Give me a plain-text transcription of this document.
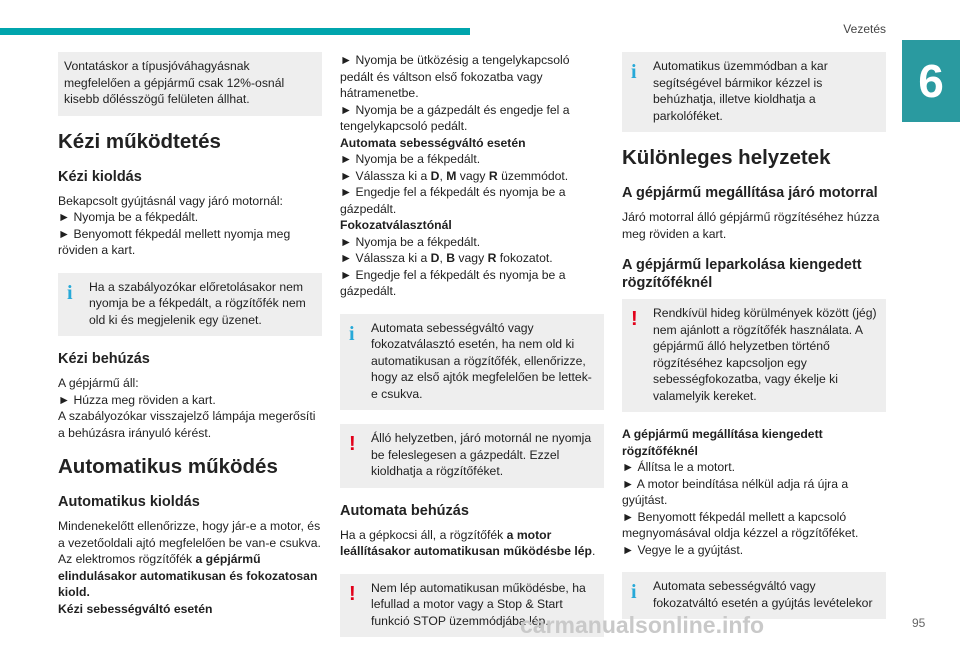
Vezetés
6
Vontatáskor a típusjóváhagyásnak megfelelően a gépjármű csak 12%-osnál kisebb dőlésszögű felületen állhat.
Kézi működtetés
Kézi kioldás

Bekapcsolt gyújtásnál vagy járó motornál:
► Nyomja be a fékpedált.
► Benyomott fékpedál mellett nyomja meg röviden a kart.

i	Ha a szabályozókar előretolásakor nem nyomja be a fékpedált, a rögzítőfék nem old ki és megjelenik egy üzenet.
Kézi behúzás

A gépjármű áll:
► Húzza meg röviden a kart.
A szabályozókar visszajelző lámpája megerősíti a behúzásra irányuló kérést.

Automatikus működés
Automatikus kioldás

Mindenekelőtt ellenőrizze, hogy jár-e a motor, és a vezetőoldali ajtó megfelelően be van-e csukva.
Az elektromos rögzítőfék a gépjármű elindulásakor automatikusan és fokozatosan kiold.
Kézi sebességváltó esetén

► Nyomja be ütközésig a tengelykapcsoló pedált és váltson első fokozatba vagy hátramenetbe.
► Nyomja be a gázpedált és engedje fel a tengelykapcsoló pedált.
Automata sebességváltó esetén
► Nyomja be a fékpedált.
► Válassza ki a D, M vagy R üzemmódot.
► Engedje fel a fékpedált és nyomja be a gázpedált.
Fokozatválasztónál
► Nyomja be a fékpedált.
► Válassza ki a D, B vagy R fokozatot.
► Engedje fel a fékpedált és nyomja be a gázpedált.

i	Automata sebességváltó vagy fokozatválasztó esetén, ha nem old ki automatikusan a rögzítőfék, ellenőrizze, hogy az első ajtók megfelelően be lettek-e csukva.
!	Álló helyzetben, járó motornál ne nyomja be feleslegesen a gázpedált. Ezzel kioldhatja a rögzítőféket.
Automata behúzás

Ha a gépkocsi áll, a rögzítőfék a motor leállításakor automatikusan működésbe lép.

!	Nem lép automatikusan működésbe, ha lefullad a motor vagy a Stop & Start funkció STOP üzemmódjába lép.
i	Automatikus üzemmódban a kar segítségével bármikor kézzel is behúzhatja, illetve kioldhatja a parkolóféket.
Különleges helyzetek
A gépjármű megállítása járó motorral

Járó motorral álló gépjármű rögzítéséhez húzza meg röviden a kart.

A gépjármű leparkolása kiengedett rögzítőféknél
!	Rendkívül hideg körülmények között (jég) nem ajánlott a rögzítőfék használata. A gépjármű álló helyzetben történő rögzítéséhez kapcsoljon egy sebességfokozatba, vagy ékelje ki valamelyik kereket.

A gépjármű megállítása kiengedett rögzítőféknél
► Állítsa le a motort.
► A motor beindítása nélkül adja rá újra a gyújtást.
► Benyomott fékpedál mellett a kapcsoló megnyomásával oldja kézzel a rögzítőféket.
► Vegye le a gyújtást.

i	Automata sebességváltó vagy fokozatváltó esetén a gyújtás levételekor
carmanualsonline.info	95
